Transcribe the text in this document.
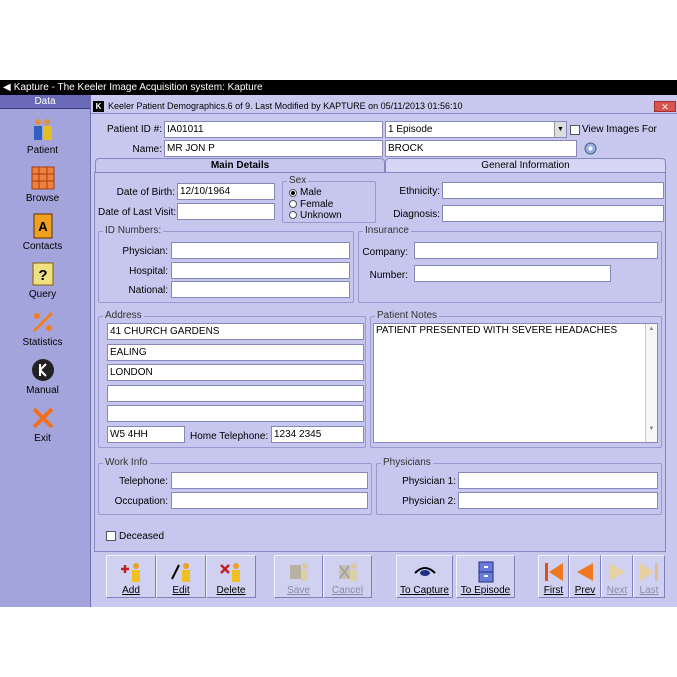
◀ Kapture - The Keeler Image Acquisition system: Kapture
Data
Patient
Browse
A
Contacts
?
Query
Statistics
Manual
Exit
K Keeler Patient Demographics.6 of 9. Last Modified by KAPTURE on 05/11/2013 01:56:10	✕
Patient ID #: IA01011	1 Episode	▼ View Images For
Name: MR JON P	BROCK
Main Details	General Information
Date of Birth: 12/10/1964
Date of Last Visit:
Sex
Male
Female
Unknown
Ethnicity:
Diagnosis:
ID Numbers:
Physician:
Hospital:
National:
Insurance
Company:
Number:
Address
41 CHURCH GARDENS
EALING
LONDON
W5 4HH	Home Telephone: 1234 2345
Patient Notes
PATIENT PRESENTED WITH SEVERE HEADACHES	▲

▼
Work Info
Telephone:
Occupation:
Physicians
Physician 1:
Physician 2:
Deceased
Add	Edit	Delete	Save	Cancel	To Capture	To Episode	First	Prev	Next	Last
